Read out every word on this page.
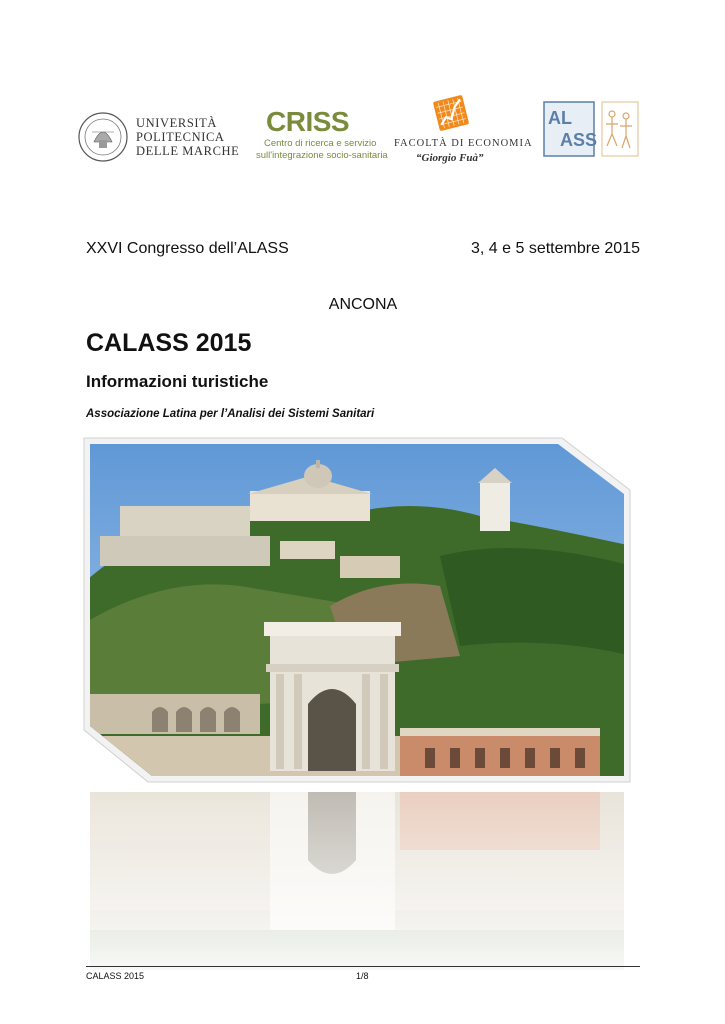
UNIVERSITÀ
POLITECNICA
DELLE MARCHE
CRISS
Centro di ricerca e servizio
sull'integrazione socio-sanitaria
FACOLTÀ DI ECONOMIA
“Giorgio Fuà”
AL
ASS
XXVI Congresso dell’ALASS	3, 4 e 5 settembre 2015
ANCONA
CALASS 2015
Informazioni turistiche
Associazione Latina per l’Analisi dei Sistemi Sanitari
CALASS 2015	1/8
